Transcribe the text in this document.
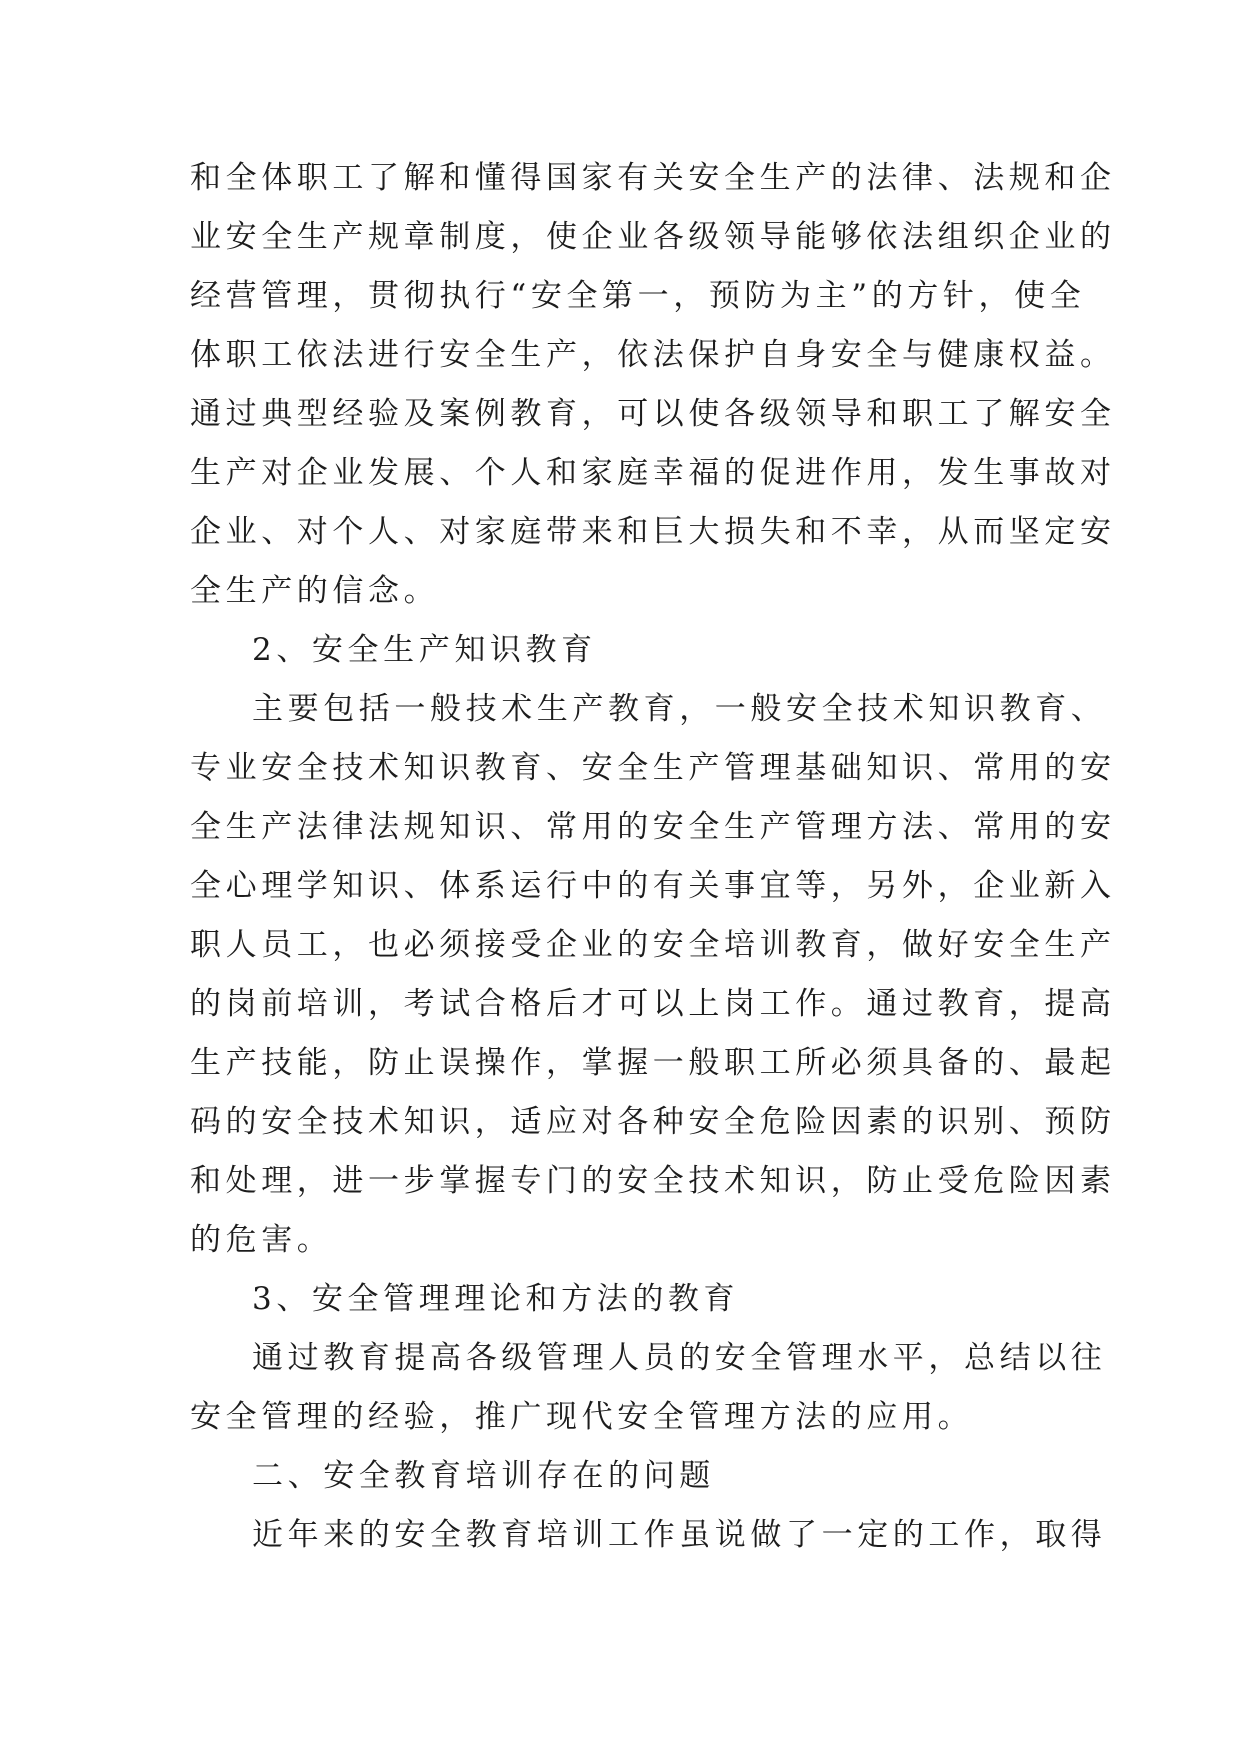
和全体职工了解和懂得国家有关安全生产的法律、法规和企
业安全生产规章制度，使企业各级领导能够依法组织企业的
经营管理，贯彻执行“安全第一，预防为主”的方针，使全
体职工依法进行安全生产，依法保护自身安全与健康权益。
通过典型经验及案例教育，可以使各级领导和职工了解安全
生产对企业发展、个人和家庭幸福的促进作用，发生事故对
企业、对个人、对家庭带来和巨大损失和不幸，从而坚定安
全生产的信念。
2、安全生产知识教育
主要包括一般技术生产教育，一般安全技术知识教育、
专业安全技术知识教育、安全生产管理基础知识、常用的安
全生产法律法规知识、常用的安全生产管理方法、常用的安
全心理学知识、体系运行中的有关事宜等，另外，企业新入
职人员工，也必须接受企业的安全培训教育，做好安全生产
的岗前培训，考试合格后才可以上岗工作。通过教育，提高
生产技能，防止误操作，掌握一般职工所必须具备的、最起
码的安全技术知识，适应对各种安全危险因素的识别、预防
和处理，进一步掌握专门的安全技术知识，防止受危险因素
的危害。
3、安全管理理论和方法的教育
通过教育提高各级管理人员的安全管理水平，总结以往
安全管理的经验，推广现代安全管理方法的应用。
二、安全教育培训存在的问题
近年来的安全教育培训工作虽说做了一定的工作，取得
